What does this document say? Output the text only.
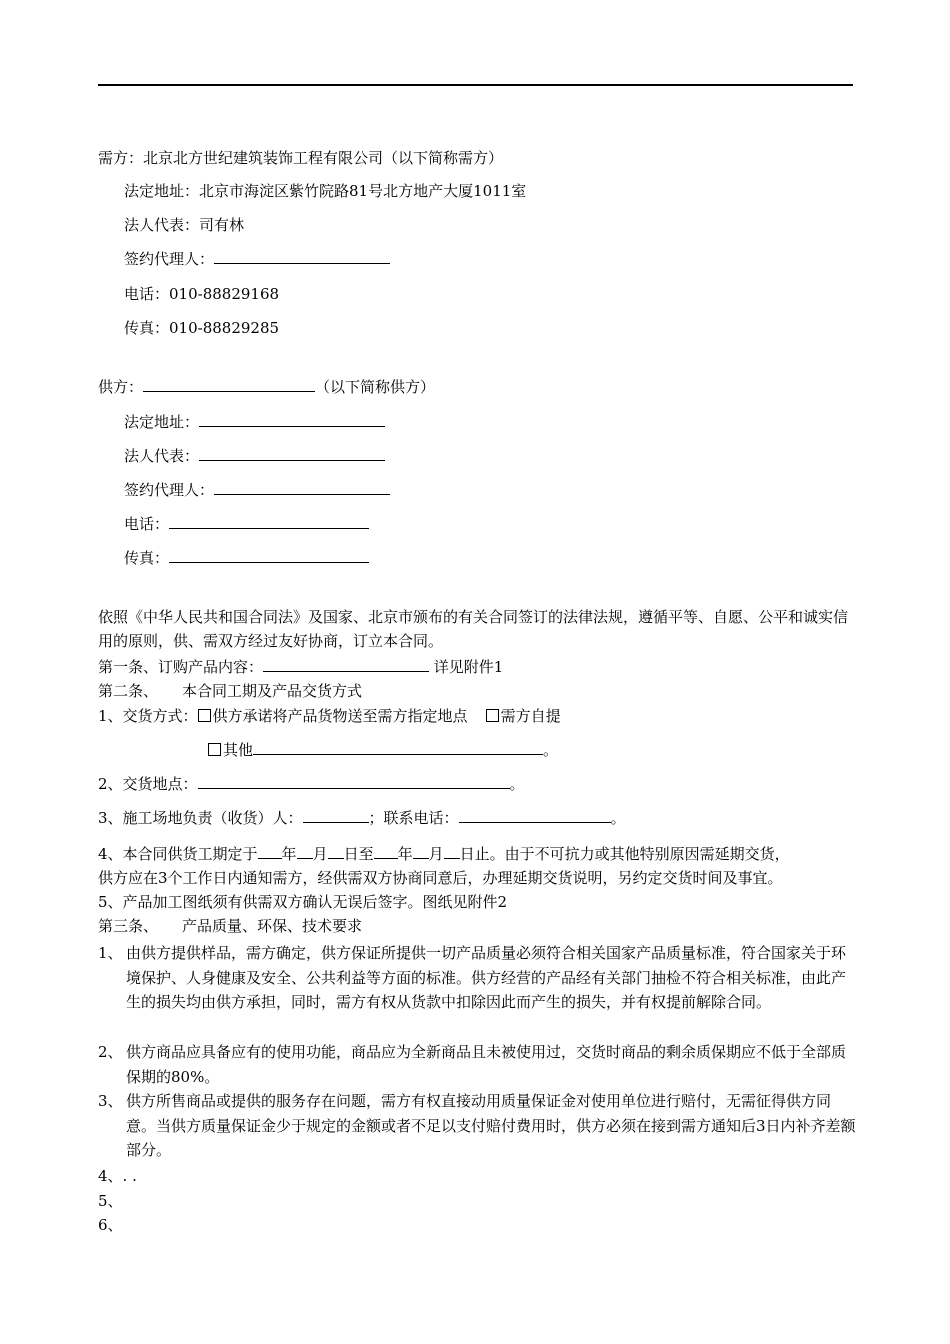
需方：北京北方世纪建筑装饰工程有限公司（以下简称需方）
法定地址：北京市海淀区紫竹院路81号北方地产大厦1011室
法人代表：司有林
签约代理人：
电话：010-88829168
传真：010-88829285
供方：	（以下简称供方）
法定地址：
法人代表：
签约代理人：
电话：
传真：
依照《中华人民共和国合同法》及国家、北京市颁布的有关合同签订的法律法规，遵循平等、自愿、公平和诚实信用的原则，供、需双方经过友好协商，订立本合同。
第一条、订购产品内容：	详见附件1
第二条、 本合同工期及产品交货方式
1、交货方式： 供方承诺将产品货物送至需方指定地点 需方自提
其他	。
2、交货地点：	。
3、施工场地负责（收货）人：	；联系电话：	。
4、本合同供货工期定于 年 月 日至 年 月 日止。由于不可抗力或其他特别原因需延期交货，
供方应在3个工作日内通知需方，经供需双方协商同意后，办理延期交货说明，另约定交货时间及事宜。
5、产品加工图纸须有供需双方确认无误后签字。图纸见附件2
第三条、 产品质量、环保、技术要求
1、 由供方提供样品，需方确定，供方保证所提供一切产品质量必须符合相关国家产品质量标准，符合国家关于环境保护、人身健康及安全、公共利益等方面的标准。供方经营的产品经有关部门抽检不符合相关标准，由此产生的损失均由供方承担，同时，需方有权从货款中扣除因此而产生的损失，并有权提前解除合同。
2、 供方商品应具备应有的使用功能，商品应为全新商品且未被使用过，交货时商品的剩余质保期应不低于全部质保期的80%。
3、 供方所售商品或提供的服务存在问题，需方有权直接动用质量保证金对使用单位进行赔付，无需征得供方同意。当供方质量保证金少于规定的金额或者不足以支付赔付费用时，供方必须在接到需方通知后3日内补齐差额部分。
4、. .
5、
6、
